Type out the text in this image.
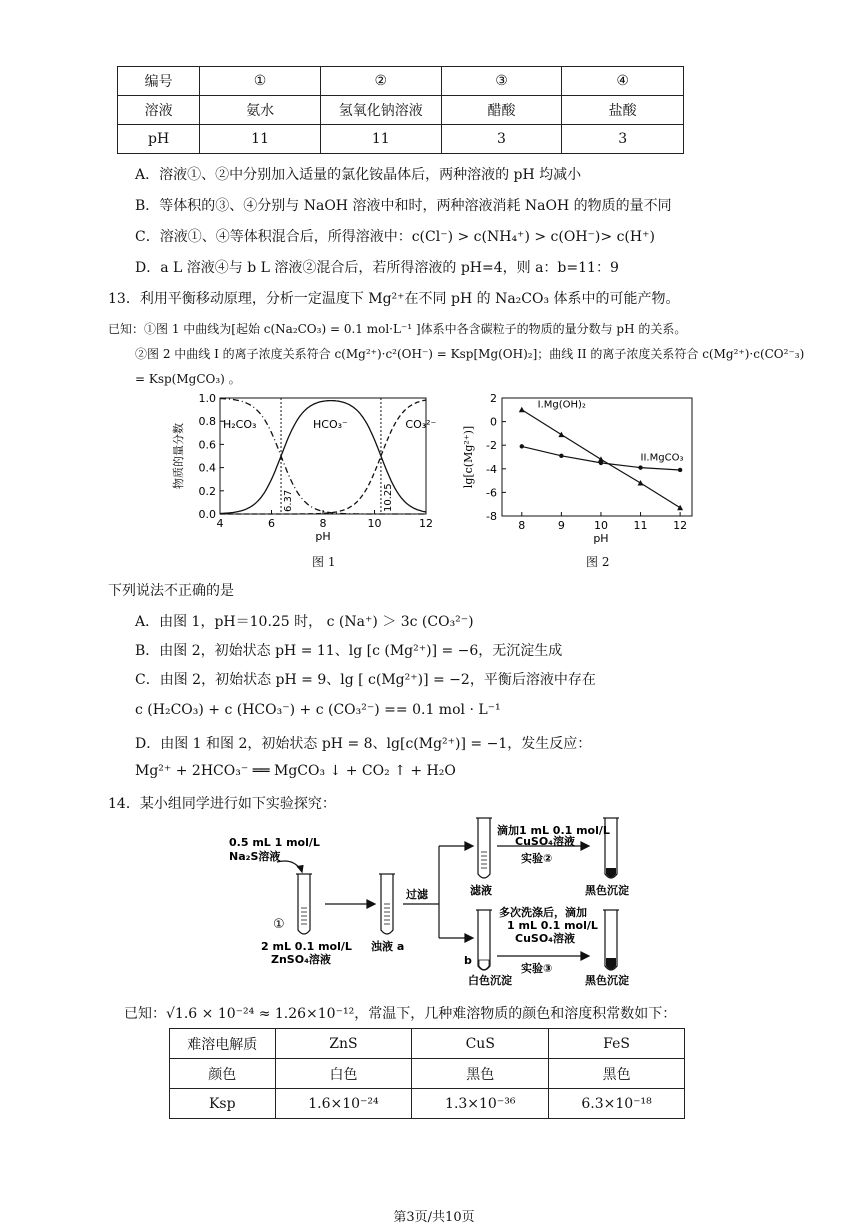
编号	①	②	③	④
溶液	氨水	氢氧化钠溶液	醋酸	盐酸
pH	11	11	3	3
A．溶液①、②中分别加入适量的氯化铵晶体后，两种溶液的 pH 均减小
B．等体积的③、④分别与 NaOH 溶液中和时，两种溶液消耗 NaOH 的物质的量不同
C．溶液①、④等体积混合后，所得溶液中：c(Cl⁻) > c(NH₄⁺) > c(OH⁻)> c(H⁺)
D．a L 溶液④与 b L 溶液②混合后，若所得溶液的 pH=4，则 a：b=11：9
13．利用平衡移动原理，分析一定温度下 Mg²⁺在不同 pH 的 Na₂CO₃ 体系中的可能产物。
已知：①图 1 中曲线为[起始 c(Na₂CO₃) = 0.1 mol·L⁻¹ ]体系中各含碳粒子的物质的量分数与 pH 的关系。
②图 2 中曲线 I 的离子浓度关系符合 c(Mg²⁺)·c²(OH⁻) = Ksp[Mg(OH)₂]；曲线 II 的离子浓度关系符合 c(Mg²⁺)·c(CO²⁻₃)
= Ksp(MgCO₃) 。
4	6	8	10	12
0.0
0.2
0.4
0.6
0.8
1.0
pH
物质的量分数
6.37	10.25
H₂CO₃	HCO₃⁻	CO₃²⁻
图 1
8	9	10 11 12
2
0
-2
-4
-6
-8
pH
lg[c(Mg²⁺)]
I.Mg(OH)₂
II.MgCO₃
图 2
下列说法不正确的是
A．由图 1，pH＝10.25 时， c (Na⁺) ＞ 3c (CO₃²⁻)
B．由图 2，初始状态 pH = 11、lg [c (Mg²⁺)] = −6，无沉淀生成
C．由图 2，初始状态 pH = 9、lg [ c(Mg²⁺)] = −2，平衡后溶液中存在
c (H₂CO₃) + c (HCO₃⁻) + c (CO₃²⁻) == 0.1 mol · L⁻¹
D．由图 1 和图 2，初始状态 pH = 8、lg[c(Mg²⁺)] = −1，发生反应：
Mg²⁺ + 2HCO₃⁻ ══ MgCO₃ ↓ + CO₂ ↑ + H₂O
14．某小组同学进行如下实验探究：
0.5 mL 1 mol/L
Na₂S溶液
①
2 mL 0.1 mol/L
ZnSO₄溶液
浊液 a
过滤	滤液
b
白色沉淀
滴加1 mL 0.1 mol/L
CuSO₄溶液
实验②
黑色沉淀
多次洗涤后，滴加
1 mL 0.1 mol/L
CuSO₄溶液
实验③
黑色沉淀
已知：√1.6 × 10⁻²⁴ ≈ 1.26×10⁻¹²，常温下，几种难溶物质的颜色和溶度积常数如下：
难溶电解质	ZnS	CuS	FeS
颜色	白色	黑色	黑色
Ksp	1.6×10⁻²⁴	1.3×10⁻³⁶	6.3×10⁻¹⁸
第3页/共10页
